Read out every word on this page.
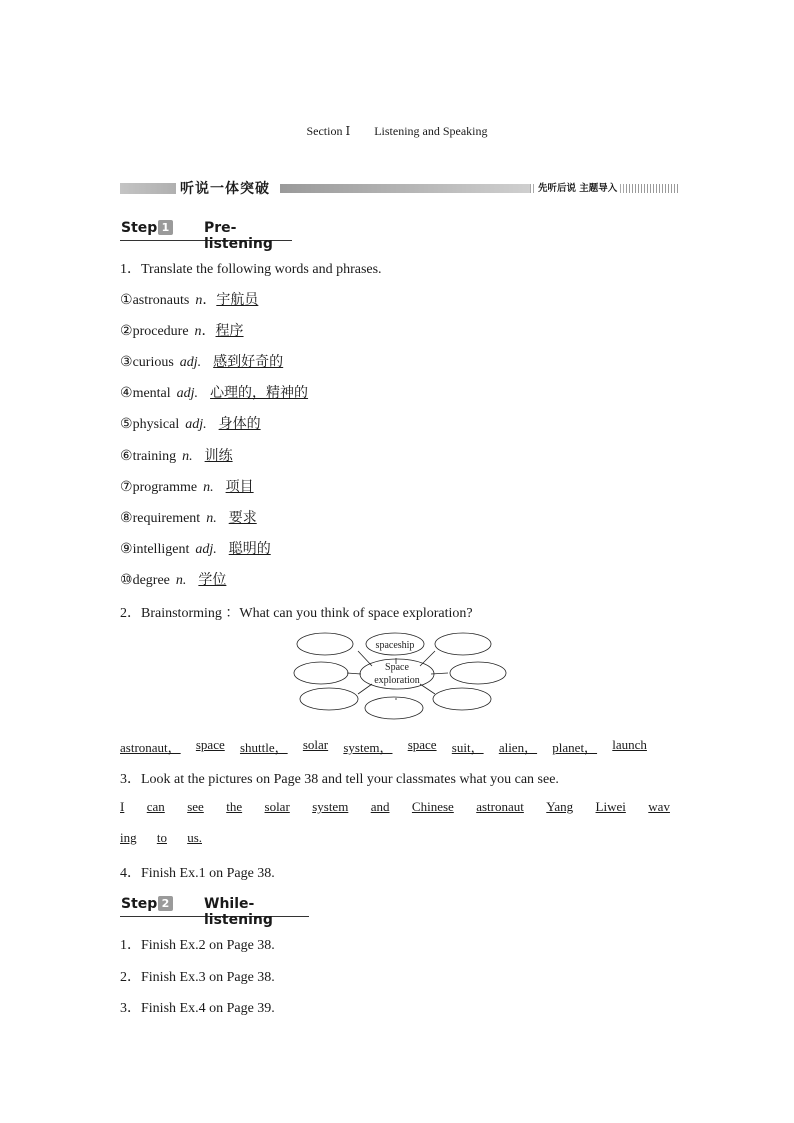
Section Ⅰ Listening and Speaking
听说一体突破	先听后说 主题导入
Step 1 Pre-listening
1．Translate the following words and phrases.
①astronauts n．宇航员
②procedure n．程序
③curious adj. 感到好奇的
④mental adj. 心理的，精神的
⑤physical adj. 身体的
⑥training n. 训练
⑦programme n. 项目
⑧requirement n. 要求
⑨intelligent adj. 聪明的
⑩degree n. 学位
2．Brainstorming ：What can you think of space exploration?
spaceship
Space
exploration
astronaut， space shuttle， solar system， space suit， alien， planet， launch
3．Look at the pictures on Page 38 and tell your classmates what you can see.
I can see the solar system and Chinese astronaut Yang Liwei wav
ing to us.
4．Finish Ex.1 on Page 38.
Step 2 While-listening
1．Finish Ex.2 on Page 38.
2．Finish Ex.3 on Page 38.
3．Finish Ex.4 on Page 39.
